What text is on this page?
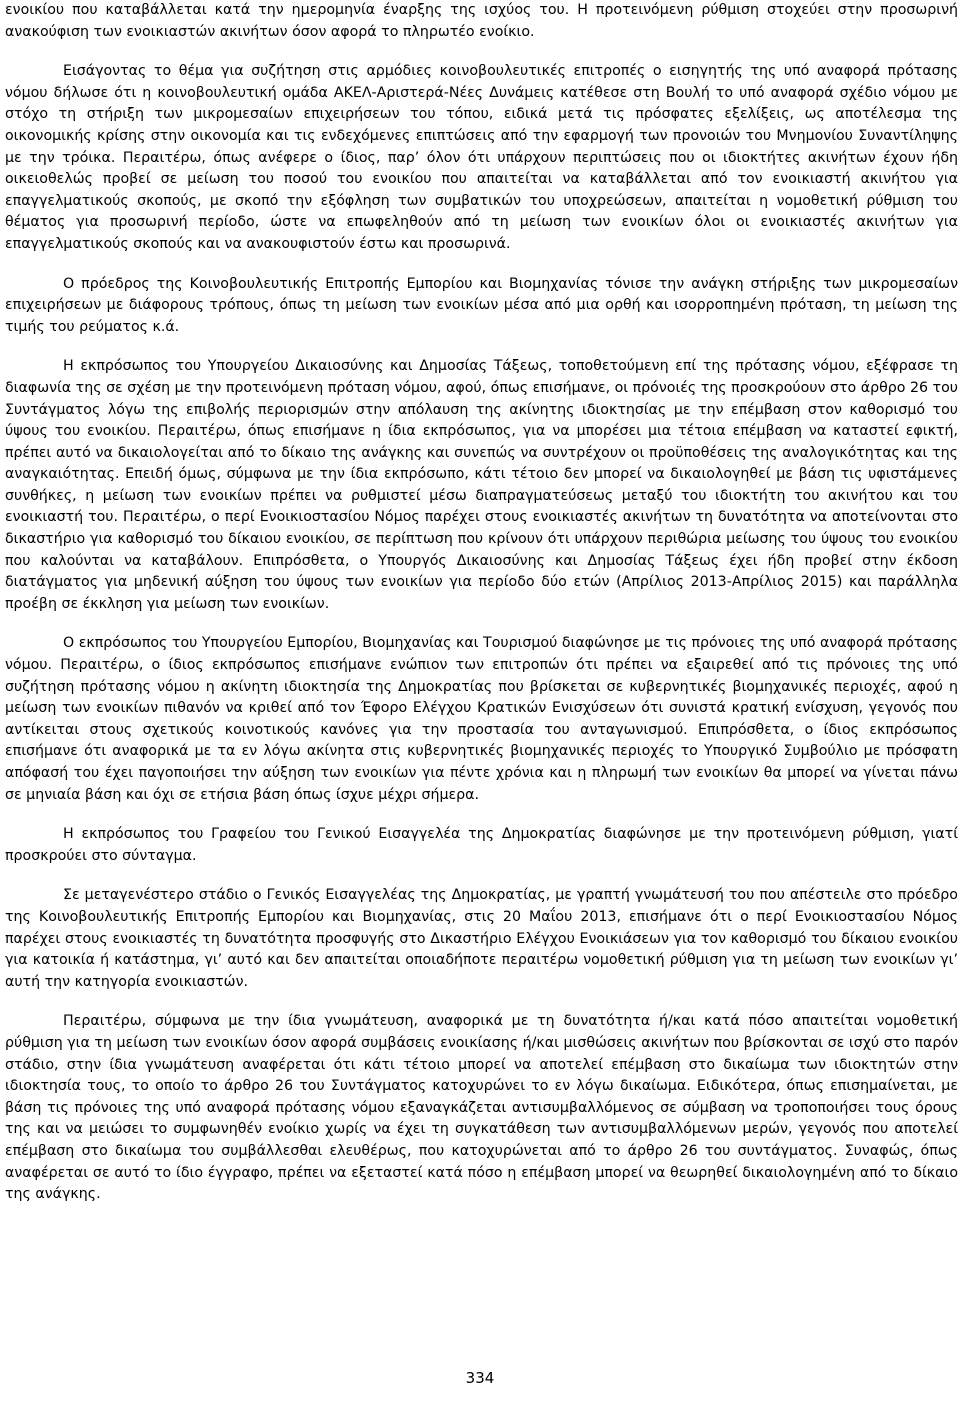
ενοικίου που καταβάλλεται κατά την ημερομηνία έναρξης της ισχύος του. Η προτεινόμενη ρύθμιση στοχεύει στην προσωρινή ανακούφιση των ενοικιαστών ακινήτων όσον αφορά το πληρωτέο ενοίκιο.

Εισάγοντας το θέμα για συζήτηση στις αρμόδιες κοινοβουλευτικές επιτροπές ο εισηγητής της υπό αναφορά πρότασης νόμου δήλωσε ότι η κοινοβουλευτική ομάδα ΑΚΕΛ-Αριστερά-Νέες Δυνάμεις κατέθεσε στη Βουλή το υπό αναφορά σχέδιο νόμου με στόχο τη στήριξη των μικρομεσαίων επιχειρήσεων του τόπου, ειδικά μετά τις πρόσφατες εξελίξεις, ως αποτέλεσμα της οικονομικής κρίσης στην οικονομία και τις ενδεχόμενες επιπτώσεις από την εφαρμογή των προνοιών του Μνημονίου Συναντίληψης με την τρόικα. Περαιτέρω, όπως ανέφερε ο ίδιος, παρ’ όλον ότι υπάρχουν περιπτώσεις που οι ιδιοκτήτες ακινήτων έχουν ήδη οικειοθελώς προβεί σε μείωση του ποσού του ενοικίου που απαιτείται να καταβάλλεται από τον ενοικιαστή ακινήτου για επαγγελματικούς σκοπούς, με σκοπό την εξόφληση των συμβατικών του υποχρεώσεων, απαιτείται η νομοθετική ρύθμιση του θέματος για προσωρινή περίοδο, ώστε να επωφεληθούν από τη μείωση των ενοικίων όλοι οι ενοικιαστές ακινήτων για επαγγελματικούς σκοπούς και να ανακουφιστούν έστω και προσωρινά.

Ο πρόεδρος της Κοινοβουλευτικής Επιτροπής Εμπορίου και Βιομηχανίας τόνισε την ανάγκη στήριξης των μικρομεσαίων επιχειρήσεων με διάφορους τρόπους, όπως τη μείωση των ενοικίων μέσα από μια ορθή και ισορροπημένη πρόταση, τη μείωση της τιμής του ρεύματος κ.ά.

Η εκπρόσωπος του Υπουργείου Δικαιοσύνης και Δημοσίας Τάξεως, τοποθετούμενη επί της πρότασης νόμου, εξέφρασε τη διαφωνία της σε σχέση με την προτεινόμενη πρόταση νόμου, αφού, όπως επισήμανε, οι πρόνοιές της προσκρούουν στο άρθρο 26 του Συντάγματος λόγω της επιβολής περιορισμών στην απόλαυση της ακίνητης ιδιοκτησίας με την επέμβαση στον καθορισμό του ύψους του ενοικίου. Περαιτέρω, όπως επισήμανε η ίδια εκπρόσωπος, για να μπορέσει μια τέτοια επέμβαση να καταστεί εφικτή, πρέπει αυτό να δικαιολογείται από το δίκαιο της ανάγκης και συνεπώς να συντρέχουν οι προϋποθέσεις της αναλογικότητας και της αναγκαιότητας. Επειδή όμως, σύμφωνα με την ίδια εκπρόσωπο, κάτι τέτοιο δεν μπορεί να δικαιολογηθεί με βάση τις υφιστάμενες συνθήκες, η μείωση των ενοικίων πρέπει να ρυθμιστεί μέσω διαπραγματεύσεως μεταξύ του ιδιοκτήτη του ακινήτου και του ενοικιαστή του. Περαιτέρω, ο περί Ενοικιοστασίου Νόμος παρέχει στους ενοικιαστές ακινήτων τη δυνατότητα να αποτείνονται στο δικαστήριο για καθορισμό του δίκαιου ενοικίου, σε περίπτωση που κρίνουν ότι υπάρχουν περιθώρια μείωσης του ύψους του ενοικίου που καλούνται να καταβάλουν. Επιπρόσθετα, ο Υπουργός Δικαιοσύνης και Δημοσίας Τάξεως έχει ήδη προβεί στην έκδοση διατάγματος για μηδενική αύξηση του ύψους των ενοικίων για περίοδο δύο ετών (Απρίλιος 2013-Απρίλιος 2015) και παράλληλα προέβη σε έκκληση για μείωση των ενοικίων.

Ο εκπρόσωπος του Υπουργείου Εμπορίου, Βιομηχανίας και Τουρισμού διαφώνησε με τις πρόνοιες της υπό αναφορά πρότασης νόμου. Περαιτέρω, ο ίδιος εκπρόσωπος επισήμανε ενώπιον των επιτροπών ότι πρέπει να εξαιρεθεί από τις πρόνοιες της υπό συζήτηση πρότασης νόμου η ακίνητη ιδιοκτησία της Δημοκρατίας που βρίσκεται σε κυβερνητικές βιομηχανικές περιοχές, αφού η μείωση των ενοικίων πιθανόν να κριθεί από τον Έφορο Ελέγχου Κρατικών Ενισχύσεων ότι συνιστά κρατική ενίσχυση, γεγονός που αντίκειται στους σχετικούς κοινοτικούς κανόνες για την προστασία του ανταγωνισμού. Επιπρόσθετα, ο ίδιος εκπρόσωπος επισήμανε ότι αναφορικά με τα εν λόγω ακίνητα στις κυβερνητικές βιομηχανικές περιοχές το Υπουργικό Συμβούλιο με πρόσφατη απόφασή του έχει παγοποιήσει την αύξηση των ενοικίων για πέντε χρόνια και η πληρωμή των ενοικίων θα μπορεί να γίνεται πάνω σε μηνιαία βάση και όχι σε ετήσια βάση όπως ίσχυε μέχρι σήμερα.

Η εκπρόσωπος του Γραφείου του Γενικού Εισαγγελέα της Δημοκρατίας διαφώνησε με την προτεινόμενη ρύθμιση, γιατί προσκρούει στο σύνταγμα.

Σε μεταγενέστερο στάδιο ο Γενικός Εισαγγελέας της Δημοκρατίας, με γραπτή γνωμάτευσή του που απέστειλε στο πρόεδρο της Κοινοβουλευτικής Επιτροπής Εμπορίου και Βιομηχανίας, στις 20 Μαΐου 2013, επισήμανε ότι ο περί Ενοικιοστασίου Νόμος παρέχει στους ενοικιαστές τη δυνατότητα προσφυγής στο Δικαστήριο Ελέγχου Ενοικιάσεων για τον καθορισμό του δίκαιου ενοικίου για κατοικία ή κατάστημα, γι’ αυτό και δεν απαιτείται οποιαδήποτε περαιτέρω νομοθετική ρύθμιση για τη μείωση των ενοικίων γι’ αυτή την κατηγορία ενοικιαστών.

Περαιτέρω, σύμφωνα με την ίδια γνωμάτευση, αναφορικά με τη δυνατότητα ή/και κατά πόσο απαιτείται νομοθετική ρύθμιση για τη μείωση των ενοικίων όσον αφορά συμβάσεις ενοικίασης ή/και μισθώσεις ακινήτων που βρίσκονται σε ισχύ στο παρόν στάδιο, στην ίδια γνωμάτευση αναφέρεται ότι κάτι τέτοιο μπορεί να αποτελεί επέμβαση στο δικαίωμα των ιδιοκτητών στην ιδιοκτησία τους, το οποίο το άρθρο 26 του Συντάγματος κατοχυρώνει το εν λόγω δικαίωμα. Ειδικότερα, όπως επισημαίνεται, με βάση τις πρόνοιες της υπό αναφορά πρότασης νόμου εξαναγκάζεται αντισυμβαλλόμενος σε σύμβαση να τροποποιήσει τους όρους της και να μειώσει το συμφωνηθέν ενοίκιο χωρίς να έχει τη συγκατάθεση των αντισυμβαλλόμενων μερών, γεγονός που αποτελεί επέμβαση στο δικαίωμα του συμβάλλεσθαι ελευθέρως, που κατοχυρώνεται από το άρθρο 26 του συντάγματος. Συναφώς, όπως αναφέρεται σε αυτό το ίδιο έγγραφο, πρέπει να εξεταστεί κατά πόσο η επέμβαση μπορεί να θεωρηθεί δικαιολογημένη από το δίκαιο της ανάγκης.

334
